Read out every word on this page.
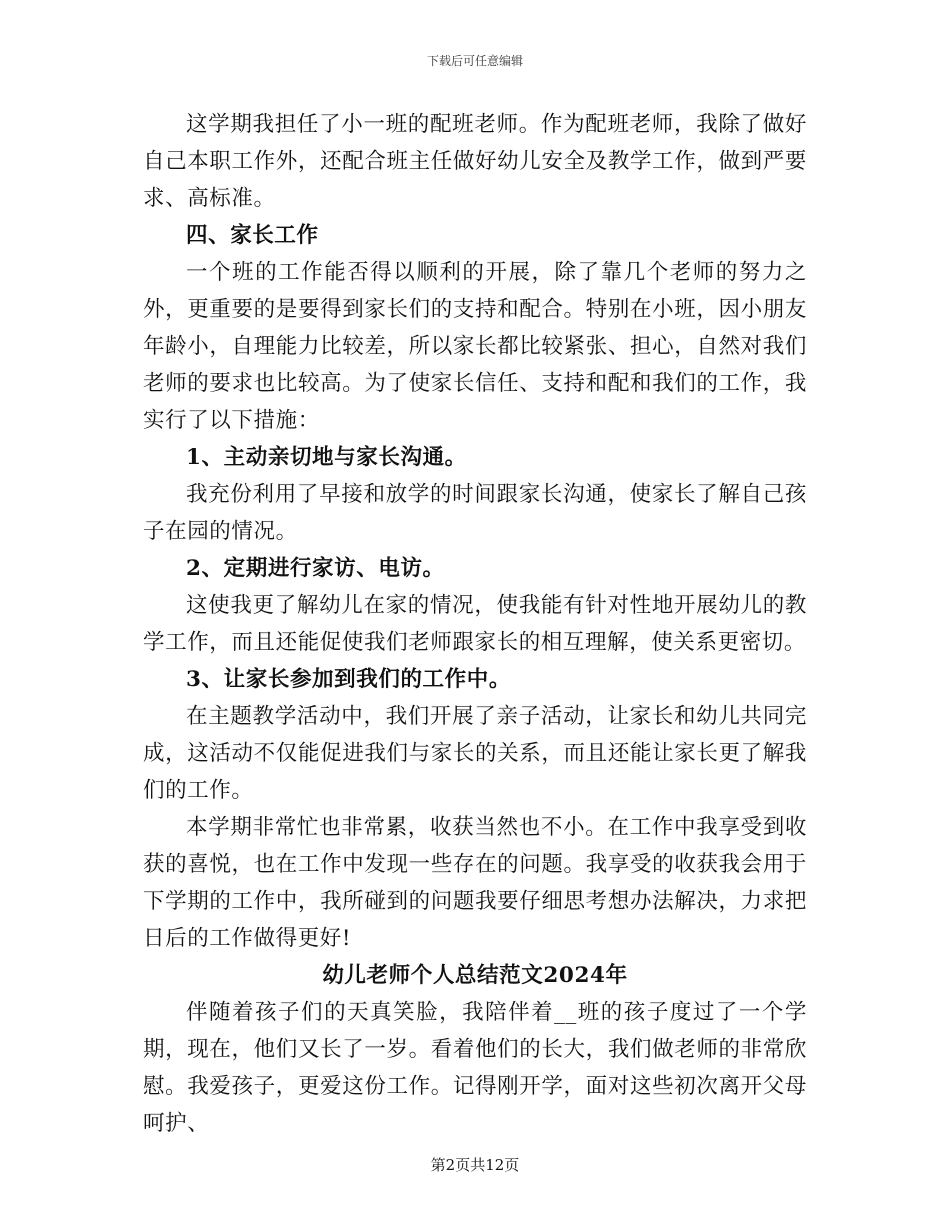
下载后可任意编辑

这学期我担任了小一班的配班老师。作为配班老师，我除了做好自己本职工作外，还配合班主任做好幼儿安全及教学工作，做到严要求、高标准。

四、家长工作

一个班的工作能否得以顺利的开展，除了靠几个老师的努力之外，更重要的是要得到家长们的支持和配合。特别在小班，因小朋友年龄小，自理能力比较差，所以家长都比较紧张、担心，自然对我们老师的要求也比较高。为了使家长信任、支持和配和我们的工作，我实行了以下措施：

1、主动亲切地与家长沟通。

我充份利用了早接和放学的时间跟家长沟通，使家长了解自己孩子在园的情况。

2、定期进行家访、电访。

这使我更了解幼儿在家的情况，使我能有针对性地开展幼儿的教学工作，而且还能促使我们老师跟家长的相互理解，使关系更密切。

3、让家长参加到我们的工作中。

在主题教学活动中，我们开展了亲子活动，让家长和幼儿共同完成，这活动不仅能促进我们与家长的关系，而且还能让家长更了解我们的工作。

本学期非常忙也非常累，收获当然也不小。在工作中我享受到收获的喜悦，也在工作中发现一些存在的问题。我享受的收获我会用于下学期的工作中，我所碰到的问题我要仔细思考想办法解决，力求把日后的工作做得更好!

幼儿老师个人总结范文2024年

伴随着孩子们的天真笑脸，我陪伴着__班的孩子度过了一个学期，现在，他们又长了一岁。看着他们的长大，我们做老师的非常欣慰。我爱孩子，更爱这份工作。记得刚开学，面对这些初次离开父母呵护、

第2页共12页
